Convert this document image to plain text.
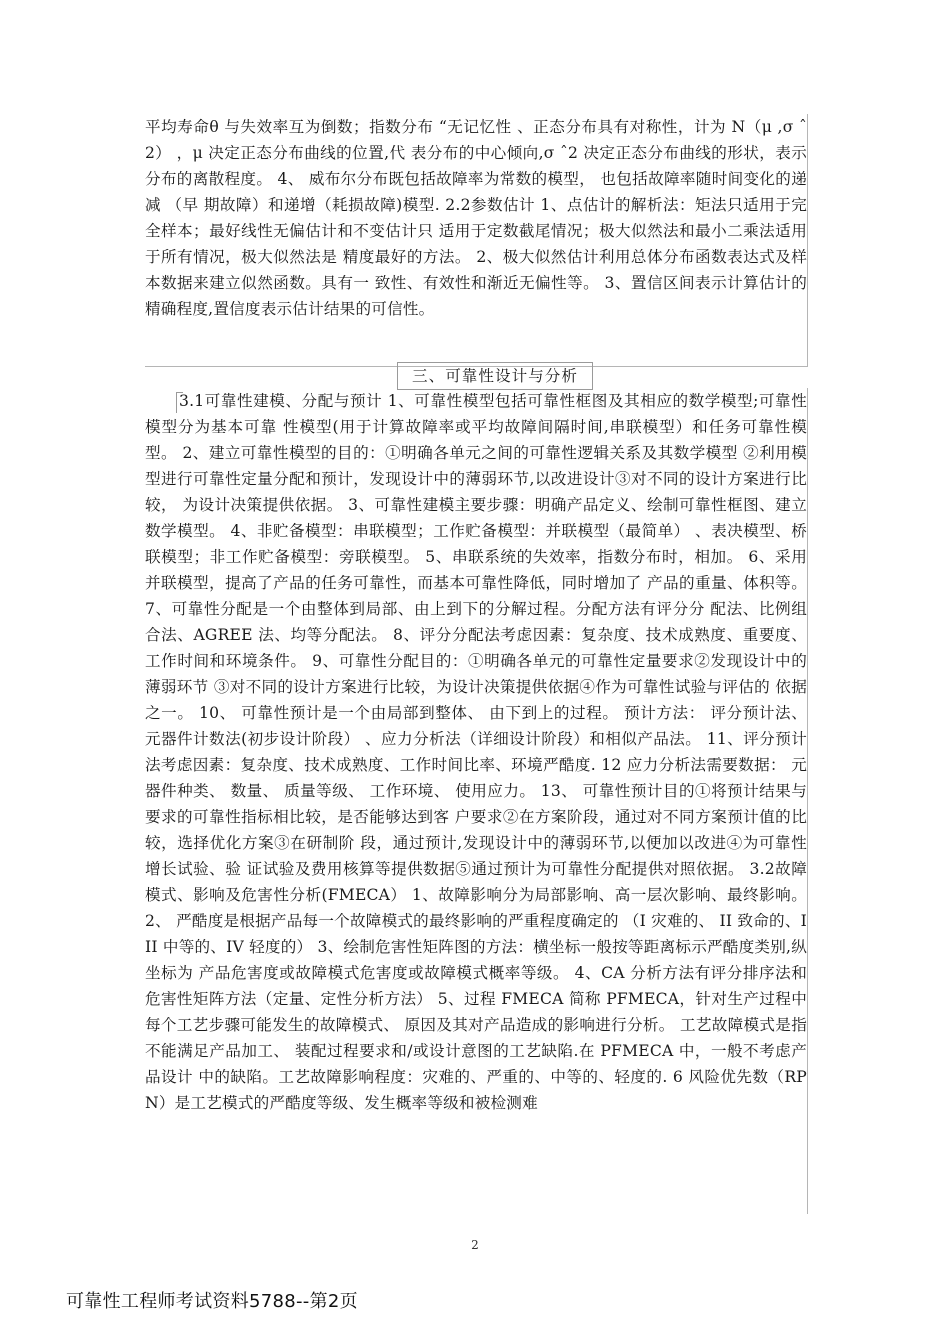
平均寿命θ 与失效率互为倒数；指数分布 “无记忆性 、正态分布具有对称性，计为 N（μ ,σ ˆ2） ，μ 决定正态分布曲线的位置,代 表分布的中心倾向,σ ˆ2 决定正态分布曲线的形状，表示分布的离散程度。 4、 威布尔分布既包括故障率为常数的模型， 也包括故障率随时间变化的递减 （早 期故障）和递增（耗损故障)模型. 2.2参数估计 1、点估计的解析法：矩法只适用于完全样本；最好线性无偏估计和不变估计只 适用于定数截尾情况；极大似然法和最小二乘法适用于所有情况，极大似然法是 精度最好的方法。 2、极大似然估计利用总体分布函数表达式及样本数据来建立似然函数。具有一 致性、有效性和渐近无偏性等。 3、置信区间表示计算估计的精确程度,置信度表示估计结果的可信性。
三、可靠性设计与分析
3.1可靠性建模、分配与预计 1、可靠性模型包括可靠性框图及其相应的数学模型;可靠性模型分为基本可靠 性模型(用于计算故障率或平均故障间隔时间,串联模型）和任务可靠性模型。 2、建立可靠性模型的目的：①明确各单元之间的可靠性逻辑关系及其数学模型 ②利用模型进行可靠性定量分配和预计，发现设计中的薄弱环节,以改进设计③对不同的设计方案进行比较， 为设计决策提供依据。 3、可靠性建模主要步骤：明确产品定义、绘制可靠性框图、建立数学模型。 4、非贮备模型：串联模型；工作贮备模型：并联模型（最简单） 、表决模型、桥 联模型；非工作贮备模型：旁联模型。 5、串联系统的失效率，指数分布时，相加。 6、采用并联模型，提高了产品的任务可靠性，而基本可靠性降低，同时增加了 产品的重量、体积等。 7、可靠性分配是一个由整体到局部、由上到下的分解过程。分配方法有评分分 配法、比例组合法、AGREE 法、均等分配法。 8、评分分配法考虑因素：复杂度、技术成熟度、重要度、工作时间和环境条件。 9、可靠性分配目的：①明确各单元的可靠性定量要求②发现设计中的薄弱环节 ③对不同的设计方案进行比较，为设计决策提供依据④作为可靠性试验与评估的 依据之一。 10、 可靠性预计是一个由局部到整体、 由下到上的过程。 预计方法： 评分预计法、 元器件计数法(初步设计阶段） 、应力分析法（详细设计阶段）和相似产品法。 11、评分预计法考虑因素：复杂度、技术成熟度、工作时间比率、环境严酷度. 12 应力分析法需要数据： 元器件种类、 数量、 质量等级、 工作环境、 使用应力。 13、 可靠性预计目的①将预计结果与要求的可靠性指标相比较，是否能够达到客 户要求②在方案阶段，通过对不同方案预计值的比较，选择优化方案③在研制阶 段，通过预计,发现设计中的薄弱环节,以便加以改进④为可靠性增长试验、验 证试验及费用核算等提供数据⑤通过预计为可靠性分配提供对照依据。 3.2故障模式、影响及危害性分析(FMECA） 1、故障影响分为局部影响、高一层次影响、最终影响。 2、 严酷度是根据产品每一个故障模式的最终影响的严重程度确定的 （I 灾难的、 II 致命的、III 中等的、IV 轻度的） 3、绘制危害性矩阵图的方法：横坐标一般按等距离标示严酷度类别,纵坐标为 产品危害度或故障模式危害度或故障模式概率等级。 4、CA 分析方法有评分排序法和危害性矩阵方法（定量、定性分析方法） 5、过程 FMECA 简称 PFMECA，针对生产过程中每个工艺步骤可能发生的故障模式、 原因及其对产品造成的影响进行分析。 工艺故障模式是指不能满足产品加工、 装配过程要求和/或设计意图的工艺缺陷.在 PFMECA 中，一般不考虑产品设计 中的缺陷。工艺故障影响程度：灾难的、严重的、中等的、轻度的. 6 风险优先数（RPN）是工艺模式的严酷度等级、发生概率等级和被检测难
2
可靠性工程师考试资料5788--第2页
